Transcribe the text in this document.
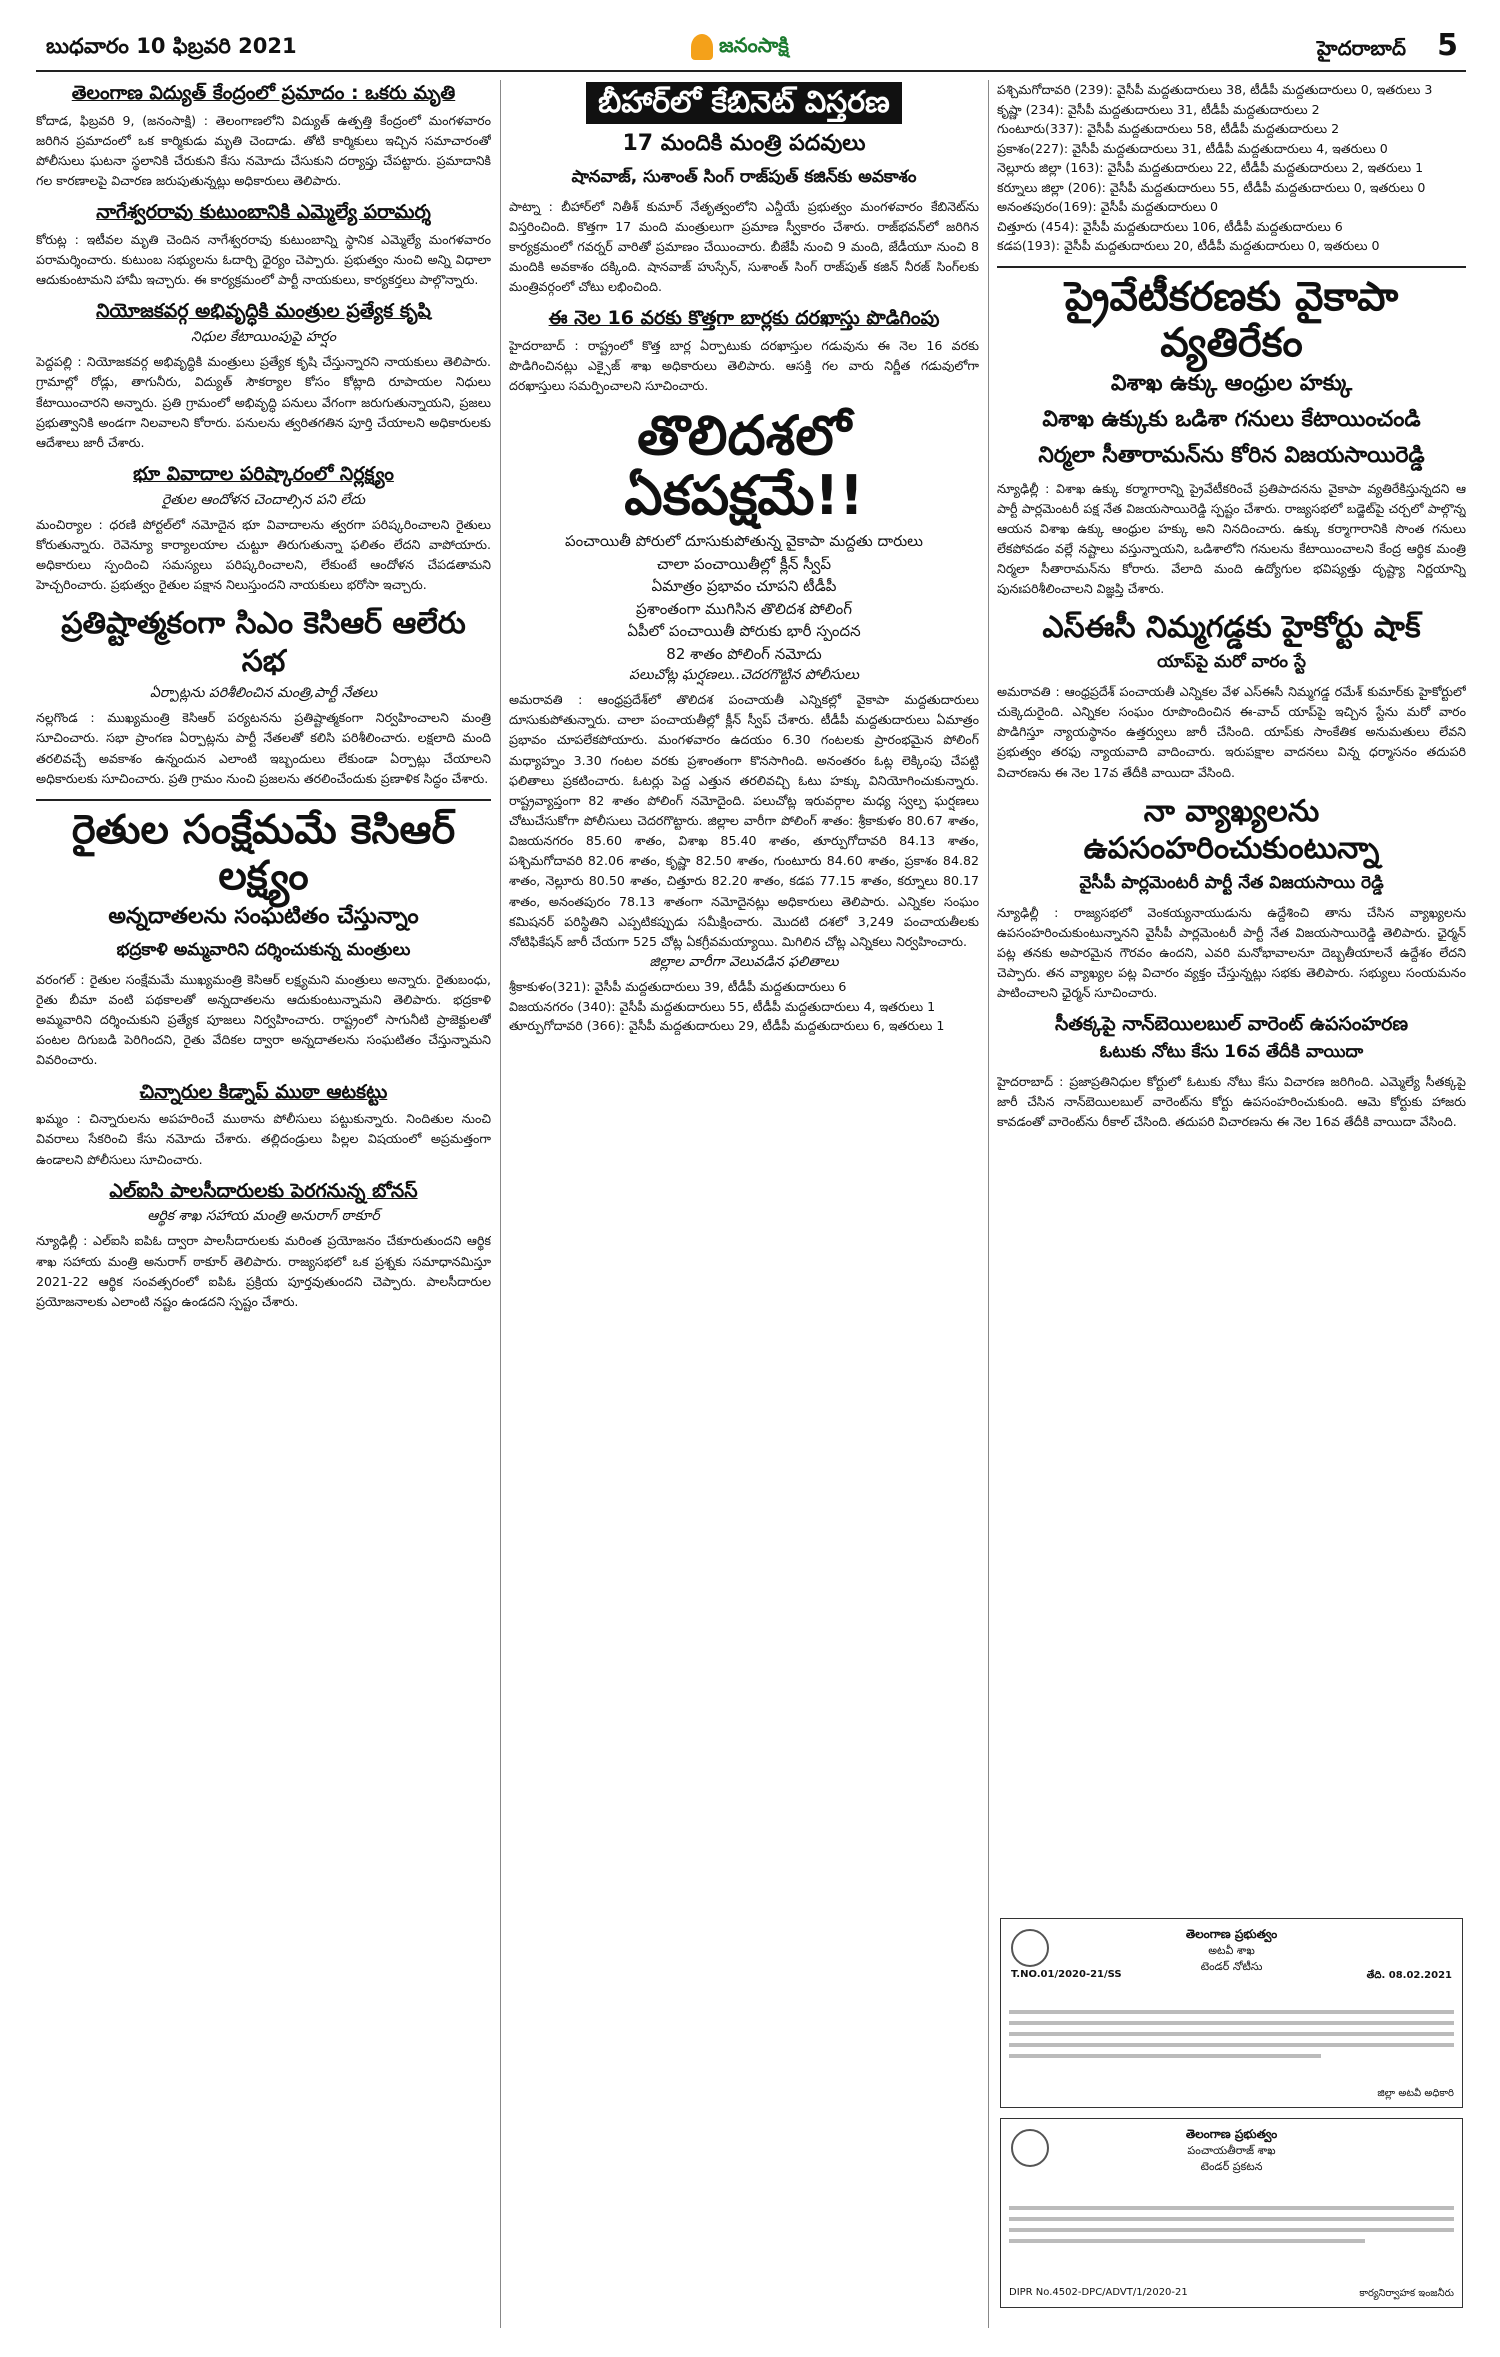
బుధవారం 10 ఫిబ్రవరి 2021	జనంసాక్షి	హైదరాబాద్ 5
తెలంగాణ విద్యుత్ కేంద్రంలో ప్రమాదం : ఒకరు మృతి
కోదాడ, ఫిబ్రవరి 9, (జనంసాక్షి) : తెలంగాణలోని విద్యుత్ ఉత్పత్తి కేంద్రంలో మంగళవారం జరిగిన ప్రమాదంలో ఒక కార్మికుడు మృతి చెందాడు. తోటి కార్మికులు ఇచ్చిన సమాచారంతో పోలీసులు ఘటనా స్థలానికి చేరుకుని కేసు నమోదు చేసుకుని దర్యాప్తు చేపట్టారు. ప్రమాదానికి గల కారణాలపై విచారణ జరుపుతున్నట్లు అధికారులు తెలిపారు.
నాగేశ్వరరావు కుటుంబానికి ఎమ్మెల్యే పరామర్శ
కోరుట్ల : ఇటీవల మృతి చెందిన నాగేశ్వరరావు కుటుంబాన్ని స్థానిక ఎమ్మెల్యే మంగళవారం పరామర్శించారు. కుటుంబ సభ్యులను ఓదార్చి ధైర్యం చెప్పారు. ప్రభుత్వం నుంచి అన్ని విధాలా ఆదుకుంటామని హామీ ఇచ్చారు. ఈ కార్యక్రమంలో పార్టీ నాయకులు, కార్యకర్తలు పాల్గొన్నారు.
నియోజకవర్గ అభివృద్ధికి మంత్రుల ప్రత్యేక కృషి
నిధుల కేటాయింపుపై హర్షం
పెద్దపల్లి : నియోజకవర్గ అభివృద్ధికి మంత్రులు ప్రత్యేక కృషి చేస్తున్నారని నాయకులు తెలిపారు. గ్రామాల్లో రోడ్లు, తాగునీరు, విద్యుత్ సౌకర్యాల కోసం కోట్లాది రూపాయల నిధులు కేటాయించారని అన్నారు. ప్రతి గ్రామంలో అభివృద్ధి పనులు వేగంగా జరుగుతున్నాయని, ప్రజలు ప్రభుత్వానికి అండగా నిలవాలని కోరారు. పనులను త్వరితగతిన పూర్తి చేయాలని అధికారులకు ఆదేశాలు జారీ చేశారు.
భూ వివాదాల పరిష్కారంలో నిర్లక్ష్యం
రైతుల ఆందోళన చెందాల్సిన పని లేదు
మంచిర్యాల : ధరణి పోర్టల్‌లో నమోదైన భూ వివాదాలను త్వరగా పరిష్కరించాలని రైతులు కోరుతున్నారు. రెవెన్యూ కార్యాలయాల చుట్టూ తిరుగుతున్నా ఫలితం లేదని వాపోయారు. అధికారులు స్పందించి సమస్యలు పరిష్కరించాలని, లేకుంటే ఆందోళన చేపడతామని హెచ్చరించారు. ప్రభుత్వం రైతుల పక్షాన నిలుస్తుందని నాయకులు భరోసా ఇచ్చారు.
ప్రతిష్టాత్మకంగా సిఎం కెసిఆర్ ఆలేరు సభ
ఏర్పాట్లను పరిశీలించిన మంత్రి,పార్టీ నేతలు
నల్లగొండ : ముఖ్యమంత్రి కెసిఆర్ పర్యటనను ప్రతిష్టాత్మకంగా నిర్వహించాలని మంత్రి సూచించారు. సభా ప్రాంగణ ఏర్పాట్లను పార్టీ నేతలతో కలిసి పరిశీలించారు. లక్షలాది మంది తరలివచ్చే అవకాశం ఉన్నందున ఎలాంటి ఇబ్బందులు లేకుండా ఏర్పాట్లు చేయాలని అధికారులకు సూచించారు. ప్రతి గ్రామం నుంచి ప్రజలను తరలించేందుకు ప్రణాళిక సిద్ధం చేశారు.
రైతుల సంక్షేమమే కెసిఆర్ లక్ష్యం
అన్నదాతలను సంఘటితం చేస్తున్నాం
భద్రకాళి అమ్మవారిని దర్శించుకున్న మంత్రులు
వరంగల్ : రైతుల సంక్షేమమే ముఖ్యమంత్రి కెసిఆర్ లక్ష్యమని మంత్రులు అన్నారు. రైతుబంధు, రైతు బీమా వంటి పథకాలతో అన్నదాతలను ఆదుకుంటున్నామని తెలిపారు. భద్రకాళి అమ్మవారిని దర్శించుకుని ప్రత్యేక పూజలు నిర్వహించారు. రాష్ట్రంలో సాగునీటి ప్రాజెక్టులతో పంటల దిగుబడి పెరిగిందని, రైతు వేదికల ద్వారా అన్నదాతలను సంఘటితం చేస్తున్నామని వివరించారు.
చిన్నారుల కిడ్నాప్ ముఠా ఆటకట్టు
ఖమ్మం : చిన్నారులను అపహరించే ముఠాను పోలీసులు పట్టుకున్నారు. నిందితుల నుంచి వివరాలు సేకరించి కేసు నమోదు చేశారు. తల్లిదండ్రులు పిల్లల విషయంలో అప్రమత్తంగా ఉండాలని పోలీసులు సూచించారు.
ఎల్ఐసి పాలసీదారులకు పెరగనున్న బోనస్
ఆర్థిక శాఖ సహాయ మంత్రి అనురాగ్ ఠాకూర్
న్యూఢిల్లీ : ఎల్ఐసి ఐపిఓ ద్వారా పాలసీదారులకు మరింత ప్రయోజనం చేకూరుతుందని ఆర్థిక శాఖ సహాయ మంత్రి అనురాగ్ ఠాకూర్ తెలిపారు. రాజ్యసభలో ఒక ప్రశ్నకు సమాధానమిస్తూ 2021-22 ఆర్థిక సంవత్సరంలో ఐపిఓ ప్రక్రియ పూర్తవుతుందని చెప్పారు. పాలసీదారుల ప్రయోజనాలకు ఎలాంటి నష్టం ఉండదని స్పష్టం చేశారు.
బీహార్‌లో కేబినెట్ విస్తరణ
17 మందికి మంత్రి పదవులు
షానవాజ్, సుశాంత్ సింగ్ రాజ్‌పుత్ కజిన్‌కు అవకాశం
పాట్నా : బీహార్‌లో నితీశ్ కుమార్ నేతృత్వంలోని ఎన్డీయే ప్రభుత్వం మంగళవారం కేబినెట్‌ను విస్తరించింది. కొత్తగా 17 మంది మంత్రులుగా ప్రమాణ స్వీకారం చేశారు. రాజ్‌భవన్‌లో జరిగిన కార్యక్రమంలో గవర్నర్ వారితో ప్రమాణం చేయించారు. బీజేపీ నుంచి 9 మంది, జేడీయూ నుంచి 8 మందికి అవకాశం దక్కింది. షానవాజ్ హుస్సేన్, సుశాంత్ సింగ్ రాజ్‌పుత్ కజిన్ నీరజ్ సింగ్‌లకు మంత్రివర్గంలో చోటు లభించింది.
ఈ నెల 16 వరకు కొత్తగా బార్లకు దరఖాస్తు పొడిగింపు
హైదరాబాద్ : రాష్ట్రంలో కొత్త బార్ల ఏర్పాటుకు దరఖాస్తుల గడువును ఈ నెల 16 వరకు పొడిగించినట్లు ఎక్సైజ్ శాఖ అధికారులు తెలిపారు. ఆసక్తి గల వారు నిర్ణీత గడువులోగా దరఖాస్తులు సమర్పించాలని సూచించారు.
తొలిదశలో ఏకపక్షమే!!
పంచాయితీ పోరులో దూసుకుపోతున్న వైకాపా మద్దతు దారులు
చాలా పంచాయితీల్లో క్లీన్ స్వీప్
ఏమాత్రం ప్రభావం చూపని టీడీపీ
ప్రశాంతంగా ముగిసిన తొలిదశ పోలింగ్
ఏపీలో పంచాయితీ పోరుకు భారీ స్పందన
82 శాతం పోలింగ్ నమోదు
పలుచోట్ల ఘర్షణలు..చెదరగొట్టిన పోలీసులు
అమరావతి : ఆంధ్రప్రదేశ్‌లో తొలిదశ పంచాయతీ ఎన్నికల్లో వైకాపా మద్దతుదారులు దూసుకుపోతున్నారు. చాలా పంచాయతీల్లో క్లీన్ స్వీప్ చేశారు. టీడీపీ మద్దతుదారులు ఏమాత్రం ప్రభావం చూపలేకపోయారు. మంగళవారం ఉదయం 6.30 గంటలకు ప్రారంభమైన పోలింగ్ మధ్యాహ్నం 3.30 గంటల వరకు ప్రశాంతంగా కొనసాగింది. అనంతరం ఓట్ల లెక్కింపు చేపట్టి ఫలితాలు ప్రకటించారు. ఓటర్లు పెద్ద ఎత్తున తరలివచ్చి ఓటు హక్కు వినియోగించుకున్నారు. రాష్ట్రవ్యాప్తంగా 82 శాతం పోలింగ్ నమోదైంది. పలుచోట్ల ఇరువర్గాల మధ్య స్వల్ప ఘర్షణలు చోటుచేసుకోగా పోలీసులు చెదరగొట్టారు. జిల్లాల వారీగా పోలింగ్ శాతం: శ్రీకాకుళం 80.67 శాతం, విజయనగరం 85.60 శాతం, విశాఖ 85.40 శాతం, తూర్పుగోదావరి 84.13 శాతం, పశ్చిమగోదావరి 82.06 శాతం, కృష్ణా 82.50 శాతం, గుంటూరు 84.60 శాతం, ప్రకాశం 84.82 శాతం, నెల్లూరు 80.50 శాతం, చిత్తూరు 82.20 శాతం, కడప 77.15 శాతం, కర్నూలు 80.17 శాతం, అనంతపురం 78.13 శాతంగా నమోదైనట్లు అధికారులు తెలిపారు. ఎన్నికల సంఘం కమిషనర్ పరిస్థితిని ఎప్పటికప్పుడు సమీక్షించారు. మొదటి దశలో 3,249 పంచాయతీలకు నోటిఫికేషన్ జారీ చేయగా 525 చోట్ల ఏకగ్రీవమయ్యాయి. మిగిలిన చోట్ల ఎన్నికలు నిర్వహించారు.
జిల్లాల వారీగా వెలువడిన ఫలితాలు
శ్రీకాకుళం(321): వైసీపీ మద్దతుదారులు 39, టీడీపీ మద్దతుదారులు 6
విజయనగరం (340): వైసీపీ మద్దతుదారులు 55, టీడీపీ మద్దతుదారులు 4, ఇతరులు 1
తూర్పుగోదావరి (366): వైసీపీ మద్దతుదారులు 29, టీడీపీ మద్దతుదారులు 6, ఇతరులు 1
పశ్చిమగోదావరి (239): వైసీపీ మద్దతుదారులు 38, టీడీపీ మద్దతుదారులు 0, ఇతరులు 3
కృష్ణా (234): వైసీపీ మద్దతుదారులు 31, టీడీపీ మద్దతుదారులు 2
గుంటూరు(337): వైసీపీ మద్దతుదారులు 58, టీడీపీ మద్దతుదారులు 2
ప్రకాశం(227): వైసీపీ మద్దతుదారులు 31, టీడీపీ మద్దతుదారులు 4, ఇతరులు 0
నెల్లూరు జిల్లా (163): వైసీపీ మద్దతుదారులు 22, టీడీపీ మద్దతుదారులు 2, ఇతరులు 1
కర్నూలు జిల్లా (206): వైసీపీ మద్దతుదారులు 55, టీడీపీ మద్దతుదారులు 0, ఇతరులు 0
అనంతపురం(169): వైసీపీ మద్దతుదారులు 0
చిత్తూరు (454): వైసీపీ మద్దతుదారులు 106, టీడీపీ మద్దతుదారులు 6
కడప(193): వైసీపీ మద్దతుదారులు 20, టీడీపీ మద్దతుదారులు 0, ఇతరులు 0
ప్రైవేటీకరణకు వైకాపా వ్యతిరేకం
విశాఖ ఉక్కు ఆంధ్రుల హక్కు
విశాఖ ఉక్కుకు ఒడిశా గనులు కేటాయించండి
నిర్మలా సీతారామన్‌ను కోరిన విజయసాయిరెడ్డి
న్యూఢిల్లీ : విశాఖ ఉక్కు కర్మాగారాన్ని ప్రైవేటీకరించే ప్రతిపాదనను వైకాపా వ్యతిరేకిస్తున్నదని ఆ పార్టీ పార్లమెంటరీ పక్ష నేత విజయసాయిరెడ్డి స్పష్టం చేశారు. రాజ్యసభలో బడ్జెట్‌పై చర్చలో పాల్గొన్న ఆయన విశాఖ ఉక్కు ఆంధ్రుల హక్కు అని నినదించారు. ఉక్కు కర్మాగారానికి సొంత గనులు లేకపోవడం వల్లే నష్టాలు వస్తున్నాయని, ఒడిశాలోని గనులను కేటాయించాలని కేంద్ర ఆర్థిక మంత్రి నిర్మలా సీతారామన్‌ను కోరారు. వేలాది మంది ఉద్యోగుల భవిష్యత్తు దృష్ట్యా నిర్ణయాన్ని పునఃపరిశీలించాలని విజ్ఞప్తి చేశారు.
ఎస్ఈసీ నిమ్మగడ్డకు హైకోర్టు షాక్
యాప్‌పై మరో వారం స్టే
అమరావతి : ఆంధ్రప్రదేశ్ పంచాయతీ ఎన్నికల వేళ ఎస్ఈసీ నిమ్మగడ్డ రమేశ్ కుమార్‌కు హైకోర్టులో చుక్కెదురైంది. ఎన్నికల సంఘం రూపొందించిన ఈ-వాచ్ యాప్‌పై ఇచ్చిన స్టేను మరో వారం పొడిగిస్తూ న్యాయస్థానం ఉత్తర్వులు జారీ చేసింది. యాప్‌కు సాంకేతిక అనుమతులు లేవని ప్రభుత్వం తరఫు న్యాయవాది వాదించారు. ఇరుపక్షాల వాదనలు విన్న ధర్మాసనం తదుపరి విచారణను ఈ నెల 17వ తేదీకి వాయిదా వేసింది.
నా వ్యాఖ్యలను ఉపసంహరించుకుంటున్నా
వైసీపీ పార్లమెంటరీ పార్టీ నేత విజయసాయి రెడ్డి
న్యూఢిల్లీ : రాజ్యసభలో వెంకయ్యనాయుడును ఉద్దేశించి తాను చేసిన వ్యాఖ్యలను ఉపసంహరించుకుంటున్నానని వైసీపీ పార్లమెంటరీ పార్టీ నేత విజయసాయిరెడ్డి తెలిపారు. ఛైర్మన్ పట్ల తనకు అపారమైన గౌరవం ఉందని, ఎవరి మనోభావాలనూ దెబ్బతీయాలనే ఉద్దేశం లేదని చెప్పారు. తన వ్యాఖ్యల పట్ల విచారం వ్యక్తం చేస్తున్నట్లు సభకు తెలిపారు. సభ్యులు సంయమనం పాటించాలని ఛైర్మన్ సూచించారు.
సీతక్కపై నాన్‌బెయిలబుల్ వారెంట్ ఉపసంహరణ
ఓటుకు నోటు కేసు 16వ తేదీకి వాయిదా
హైదరాబాద్ : ప్రజాప్రతినిధుల కోర్టులో ఓటుకు నోటు కేసు విచారణ జరిగింది. ఎమ్మెల్యే సీతక్కపై జారీ చేసిన నాన్‌బెయిలబుల్ వారెంట్‌ను కోర్టు ఉపసంహరించుకుంది. ఆమె కోర్టుకు హాజరు కావడంతో వారెంట్‌ను రీకాల్ చేసింది. తదుపరి విచారణను ఈ నెల 16వ తేదీకి వాయిదా వేసింది.
తెలంగాణ ప్రభుత్వం
అటవీ శాఖ
టెండర్ నోటీసు
T.NO.01/2020-21/SS	తేది. 08.02.2021
జిల్లా అటవీ అధికారి
తెలంగాణ ప్రభుత్వం
పంచాయతీరాజ్ శాఖ
టెండర్ ప్రకటన
DIPR No.4502-DPC/ADVT/1/2020-21	కార్యనిర్వాహక ఇంజనీరు
